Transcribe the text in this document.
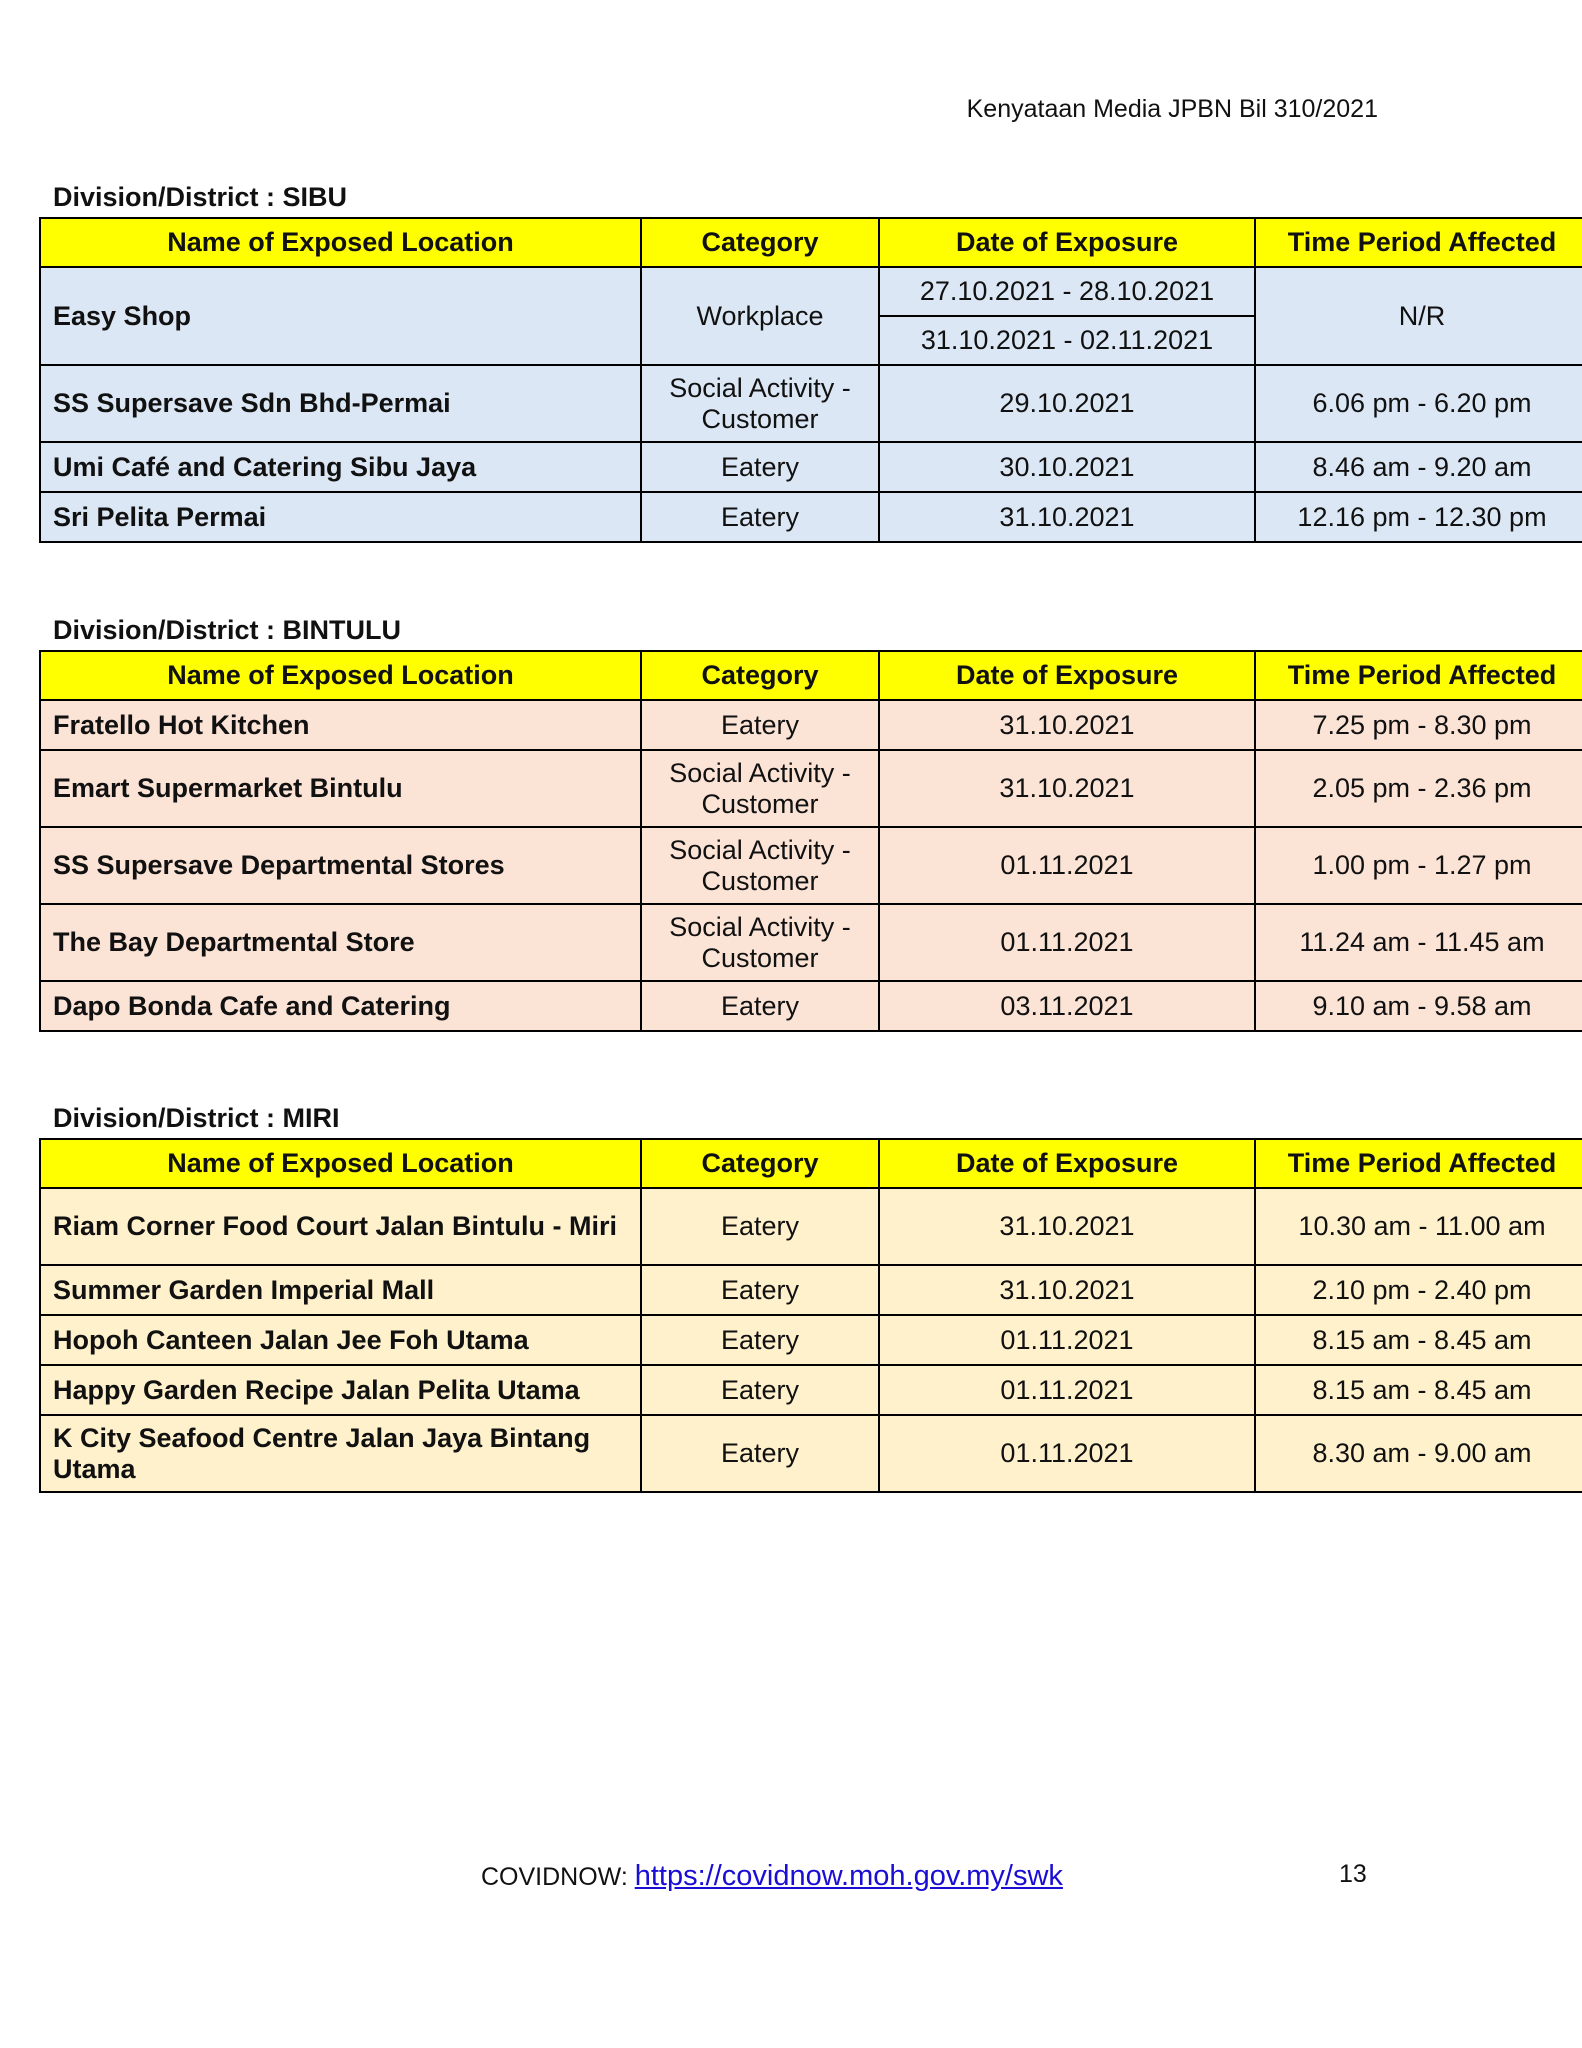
Kenyataan Media JPBN Bil 310/2021
Division/District : SIBU
Name of Exposed Location	Category	Date of Exposure	Time Period Affected
Easy Shop	Workplace	27.10.2021 - 28.10.2021	N/R
		31.10.2021 - 02.11.2021	
SS Supersave Sdn Bhd-Permai	Social Activity - Customer	29.10.2021	6.06 pm - 6.20 pm
Umi Café and Catering Sibu Jaya	Eatery	30.10.2021	8.46 am - 9.20 am
Sri Pelita Permai	Eatery	31.10.2021	12.16 pm - 12.30 pm
Division/District : BINTULU
Name of Exposed Location	Category	Date of Exposure	Time Period Affected
Fratello Hot Kitchen	Eatery	31.10.2021	7.25 pm - 8.30 pm
Emart Supermarket Bintulu	Social Activity - Customer	31.10.2021	2.05 pm - 2.36 pm
SS Supersave Departmental Stores	Social Activity - Customer	01.11.2021	1.00 pm - 1.27 pm
The Bay Departmental Store	Social Activity - Customer	01.11.2021	11.24 am - 11.45 am
Dapo Bonda Cafe and Catering	Eatery	03.11.2021	9.10 am - 9.58 am
Division/District : MIRI
Name of Exposed Location	Category	Date of Exposure	Time Period Affected
Riam Corner Food Court Jalan Bintulu - Miri	Eatery	31.10.2021	10.30 am - 11.00 am
Summer Garden Imperial Mall	Eatery	31.10.2021	2.10 pm - 2.40 pm
Hopoh Canteen Jalan Jee Foh Utama	Eatery	01.11.2021	8.15 am - 8.45 am
Happy Garden Recipe Jalan Pelita Utama	Eatery	01.11.2021	8.15 am - 8.45 am
K City Seafood Centre Jalan Jaya Bintang Utama	Eatery	01.11.2021	8.30 am - 9.00 am
COVIDNOW: https://covidnow.moh.gov.my/swk	13
